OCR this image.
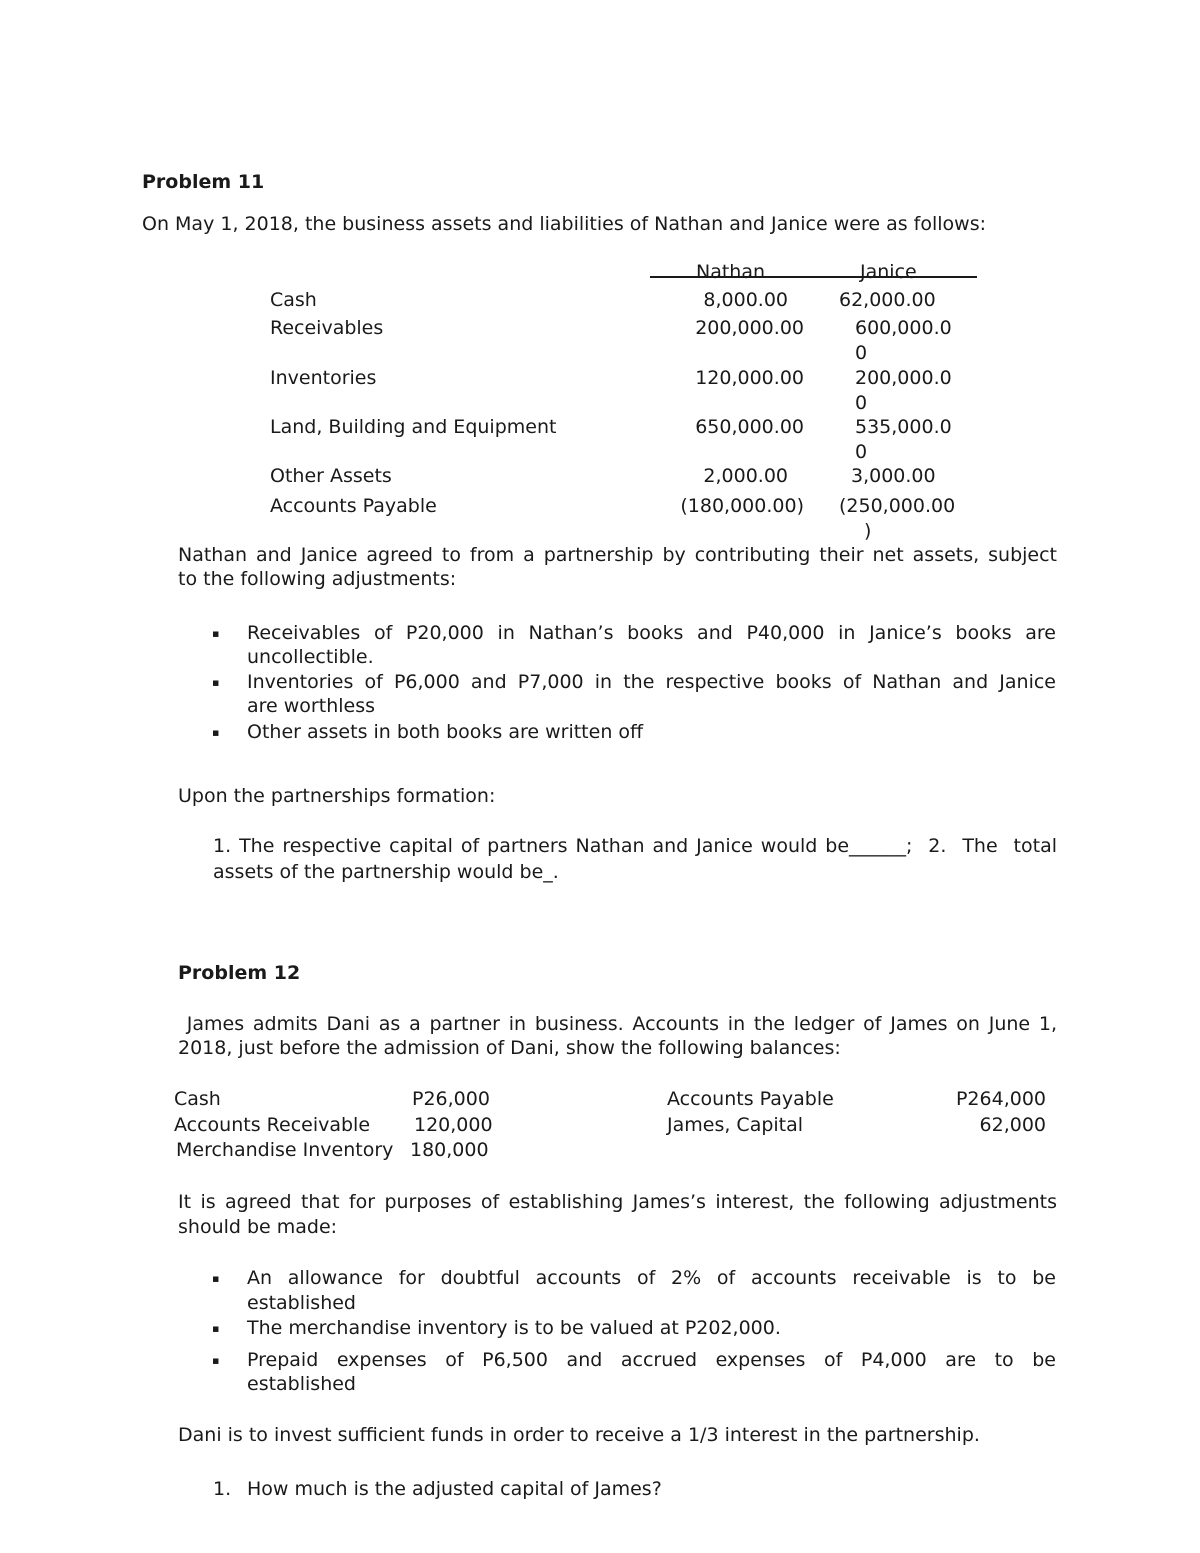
Problem 11
On May 1, 2018, the business assets and liabilities of Nathan and Janice were as follows:
Nathan	Janice
Cash	8,000.00	62,000.00
Receivables	200,000.00	600,000.0
0
Inventories	120,000.00	200,000.0
0
Land, Building and Equipment	650,000.00	535,000.0
0
Other Assets	2,000.00	3,000.00
Accounts Payable	(180,000.00) (250,000.00
)
Nathan and Janice agreed to from a partnership by contributing their net assets, subject
to the following adjustments:
▪ Receivables of P20,000 in Nathan’s books and P40,000 in Janice’s books are
uncollectible.
▪ Inventories of P6,000 and P7,000 in the respective books of Nathan and Janice
are worthless
▪ Other assets in both books are written off
Upon the partnerships formation:
1. The respective capital of partners Nathan and Janice would be______;  2.  The  total
assets of the partnership would be_.
Problem 12
James admits Dani as a partner in business. Accounts in the ledger of James on June 1,
2018, just before the admission of Dani, show the following balances:
Cash	P26,000
Accounts Receivable 120,000
Merchandise Inventory 180,000
Accounts Payable	P264,000
James, Capital	62,000
It is agreed that for purposes of establishing James’s interest, the following adjustments
should be made:
▪ An allowance for doubtful accounts of 2% of accounts receivable is to be
established
▪ The merchandise inventory is to be valued at P202,000.
▪ Prepaid expenses of P6,500 and accrued expenses of P4,000 are to be
established
Dani is to invest sufficient funds in order to receive a 1/3 interest in the partnership.
1. How much is the adjusted capital of James?
